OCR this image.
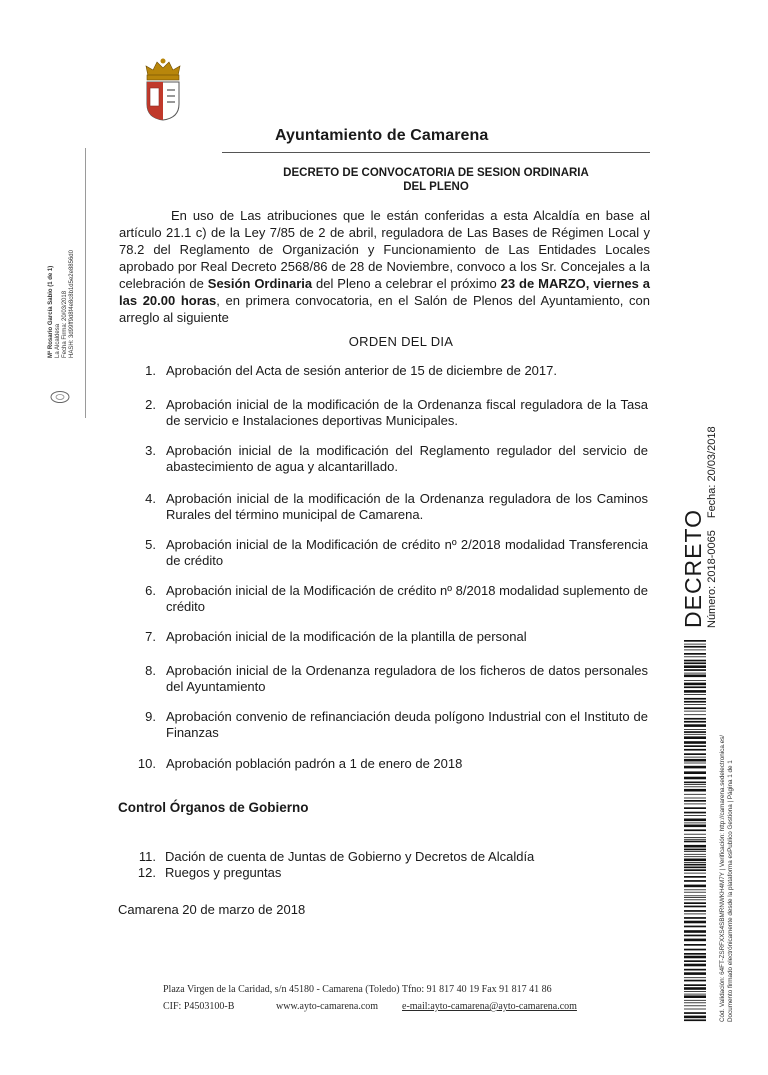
Ayuntamiento de Camarena
DECRETO DE CONVOCATORIA DE SESION ORDINARIA
DEL PLENO

En uso de Las atribuciones que le están conferidas a esta Alcaldía en base al artículo 21.1 c) de la Ley 7/85 de 2 de abril, reguladora de Las Bases de Régimen Local y 78.2 del Reglamento de Organización y Funcionamiento de Las Entidades Locales aprobado por Real Decreto 2568/86 de 28 de Noviembre, convoco a los Sr. Concejales a la celebración de Sesión Ordinaria del Pleno a celebrar el próximo 23 de MARZO, viernes a las 20.00 horas, en primera convocatoria, en el Salón de Plenos del Ayuntamiento, con arreglo al siguiente

ORDEN DEL DIA
1. Aprobación del Acta de sesión anterior de 15 de diciembre de 2017.
2. Aprobación inicial de la modificación de la Ordenanza fiscal reguladora de la Tasa de servicio e Instalaciones deportivas Municipales.
3. Aprobación inicial de la modificación del Reglamento regulador del servicio de abastecimiento de agua y alcantarillado.
4. Aprobación inicial de la modificación de la Ordenanza reguladora de los Caminos Rurales del término municipal de Camarena.
5. Aprobación inicial de la Modificación de crédito nº 2/2018 modalidad Transferencia de crédito
6. Aprobación inicial de la Modificación de crédito nº 8/2018 modalidad suplemento de crédito
7. Aprobación inicial de la modificación de la plantilla de personal
8. Aprobación inicial de la Ordenanza reguladora de los ficheros de datos personales del Ayuntamiento
9. Aprobación convenio de refinanciación deuda polígono Industrial con el Instituto de Finanzas
10. Aprobación población padrón a 1 de enero de 2018
Control Órganos de Gobierno
11. Dación de cuenta de Juntas de Gobierno y Decretos de Alcaldía
12. Ruegos y preguntas
Camarena 20 de marzo de 2018
Plaza Virgen de la Caridad, s/n 45180 - Camarena (Toledo) Tfno: 91 817 40 19 Fax 91 817 41 86
CIF: P4503100-B	www.ayto-camarena.com e-mail:ayto-camarena@ayto-camarena.com
Mª Rosario García Sabio (1 de 1) La Alcaldesa Fecha Firma: 20/03/2018 HASH: 3d99ff9d8f4e8c8b1d5e2e8856d0
DECRETO Número: 2018-0065Fecha: 20/03/2018
Cód. Validación: 64FT-ZSRFXXS4SBMRNWKH4M7Y | Verificación: http://camarena.sedelectronica.es/ Documento firmado electrónicamente desde la plataforma esPublico Gestiona | Página 1 de 1
